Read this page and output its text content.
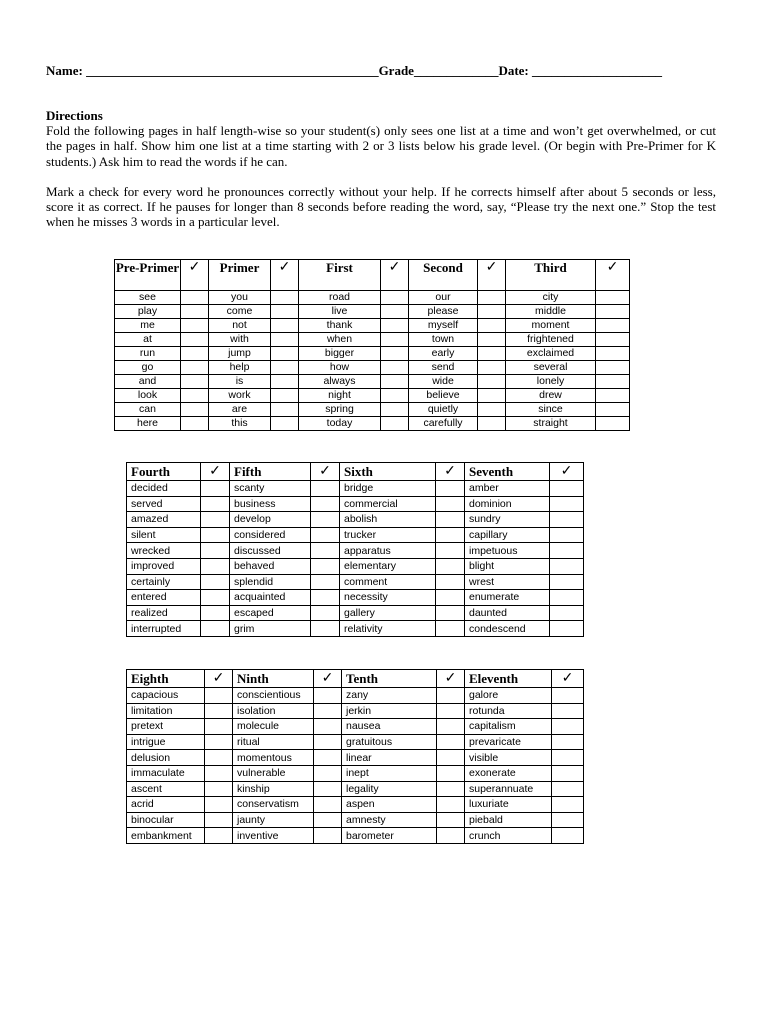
Name: _____________________________________________Grade_____________Date: ____________________
Directions

Fold the following pages in half length-wise so your student(s) only sees one list at a time and won’t get overwhelmed, or cut the pages in half. Show him one list at a time starting with 2 or 3 lists below his grade level. (Or begin with Pre-Primer for K students.) Ask him to read the words if he can.

Mark a check for every word he pronounces correctly without your help. If he corrects himself after about 5 seconds or less, score it as correct. If he pauses for longer than 8 seconds before reading the word, say, “Please try the next one.” Stop the test when he misses 3 words in a particular level.

Pre-Primer	✓	Primer	✓	First	✓	Second	✓	Third	✓
see		you		road		our		city	
play		come		live		please		middle	
me		not		thank		myself		moment	
at		with		when		town		frightened	
run		jump		bigger		early		exclaimed	
go		help		how		send		several	
and		is		always		wide		lonely	
look		work		night		believe		drew	
can		are		spring		quietly		since	
here		this		today		carefully		straight	
Fourth	✓	Fifth	✓	Sixth	✓	Seventh	✓
decided		scanty		bridge		amber	
served		business		commercial		dominion	
amazed		develop		abolish		sundry	
silent		considered		trucker		capillary	
wrecked		discussed		apparatus		impetuous	
improved		behaved		elementary		blight	
certainly		splendid		comment		wrest	
entered		acquainted		necessity		enumerate	
realized		escaped		gallery		daunted	
interrupted		grim		relativity		condescend	
Eighth	✓	Ninth	✓	Tenth	✓	Eleventh	✓
capacious		conscientious		zany		galore	
limitation		isolation		jerkin		rotunda	
pretext		molecule		nausea		capitalism	
intrigue		ritual		gratuitous		prevaricate	
delusion		momentous		linear		visible	
immaculate		vulnerable		inept		exonerate	
ascent		kinship		legality		superannuate	
acrid		conservatism		aspen		luxuriate	
binocular		jaunty		amnesty		piebald	
embankment		inventive		barometer		crunch	
